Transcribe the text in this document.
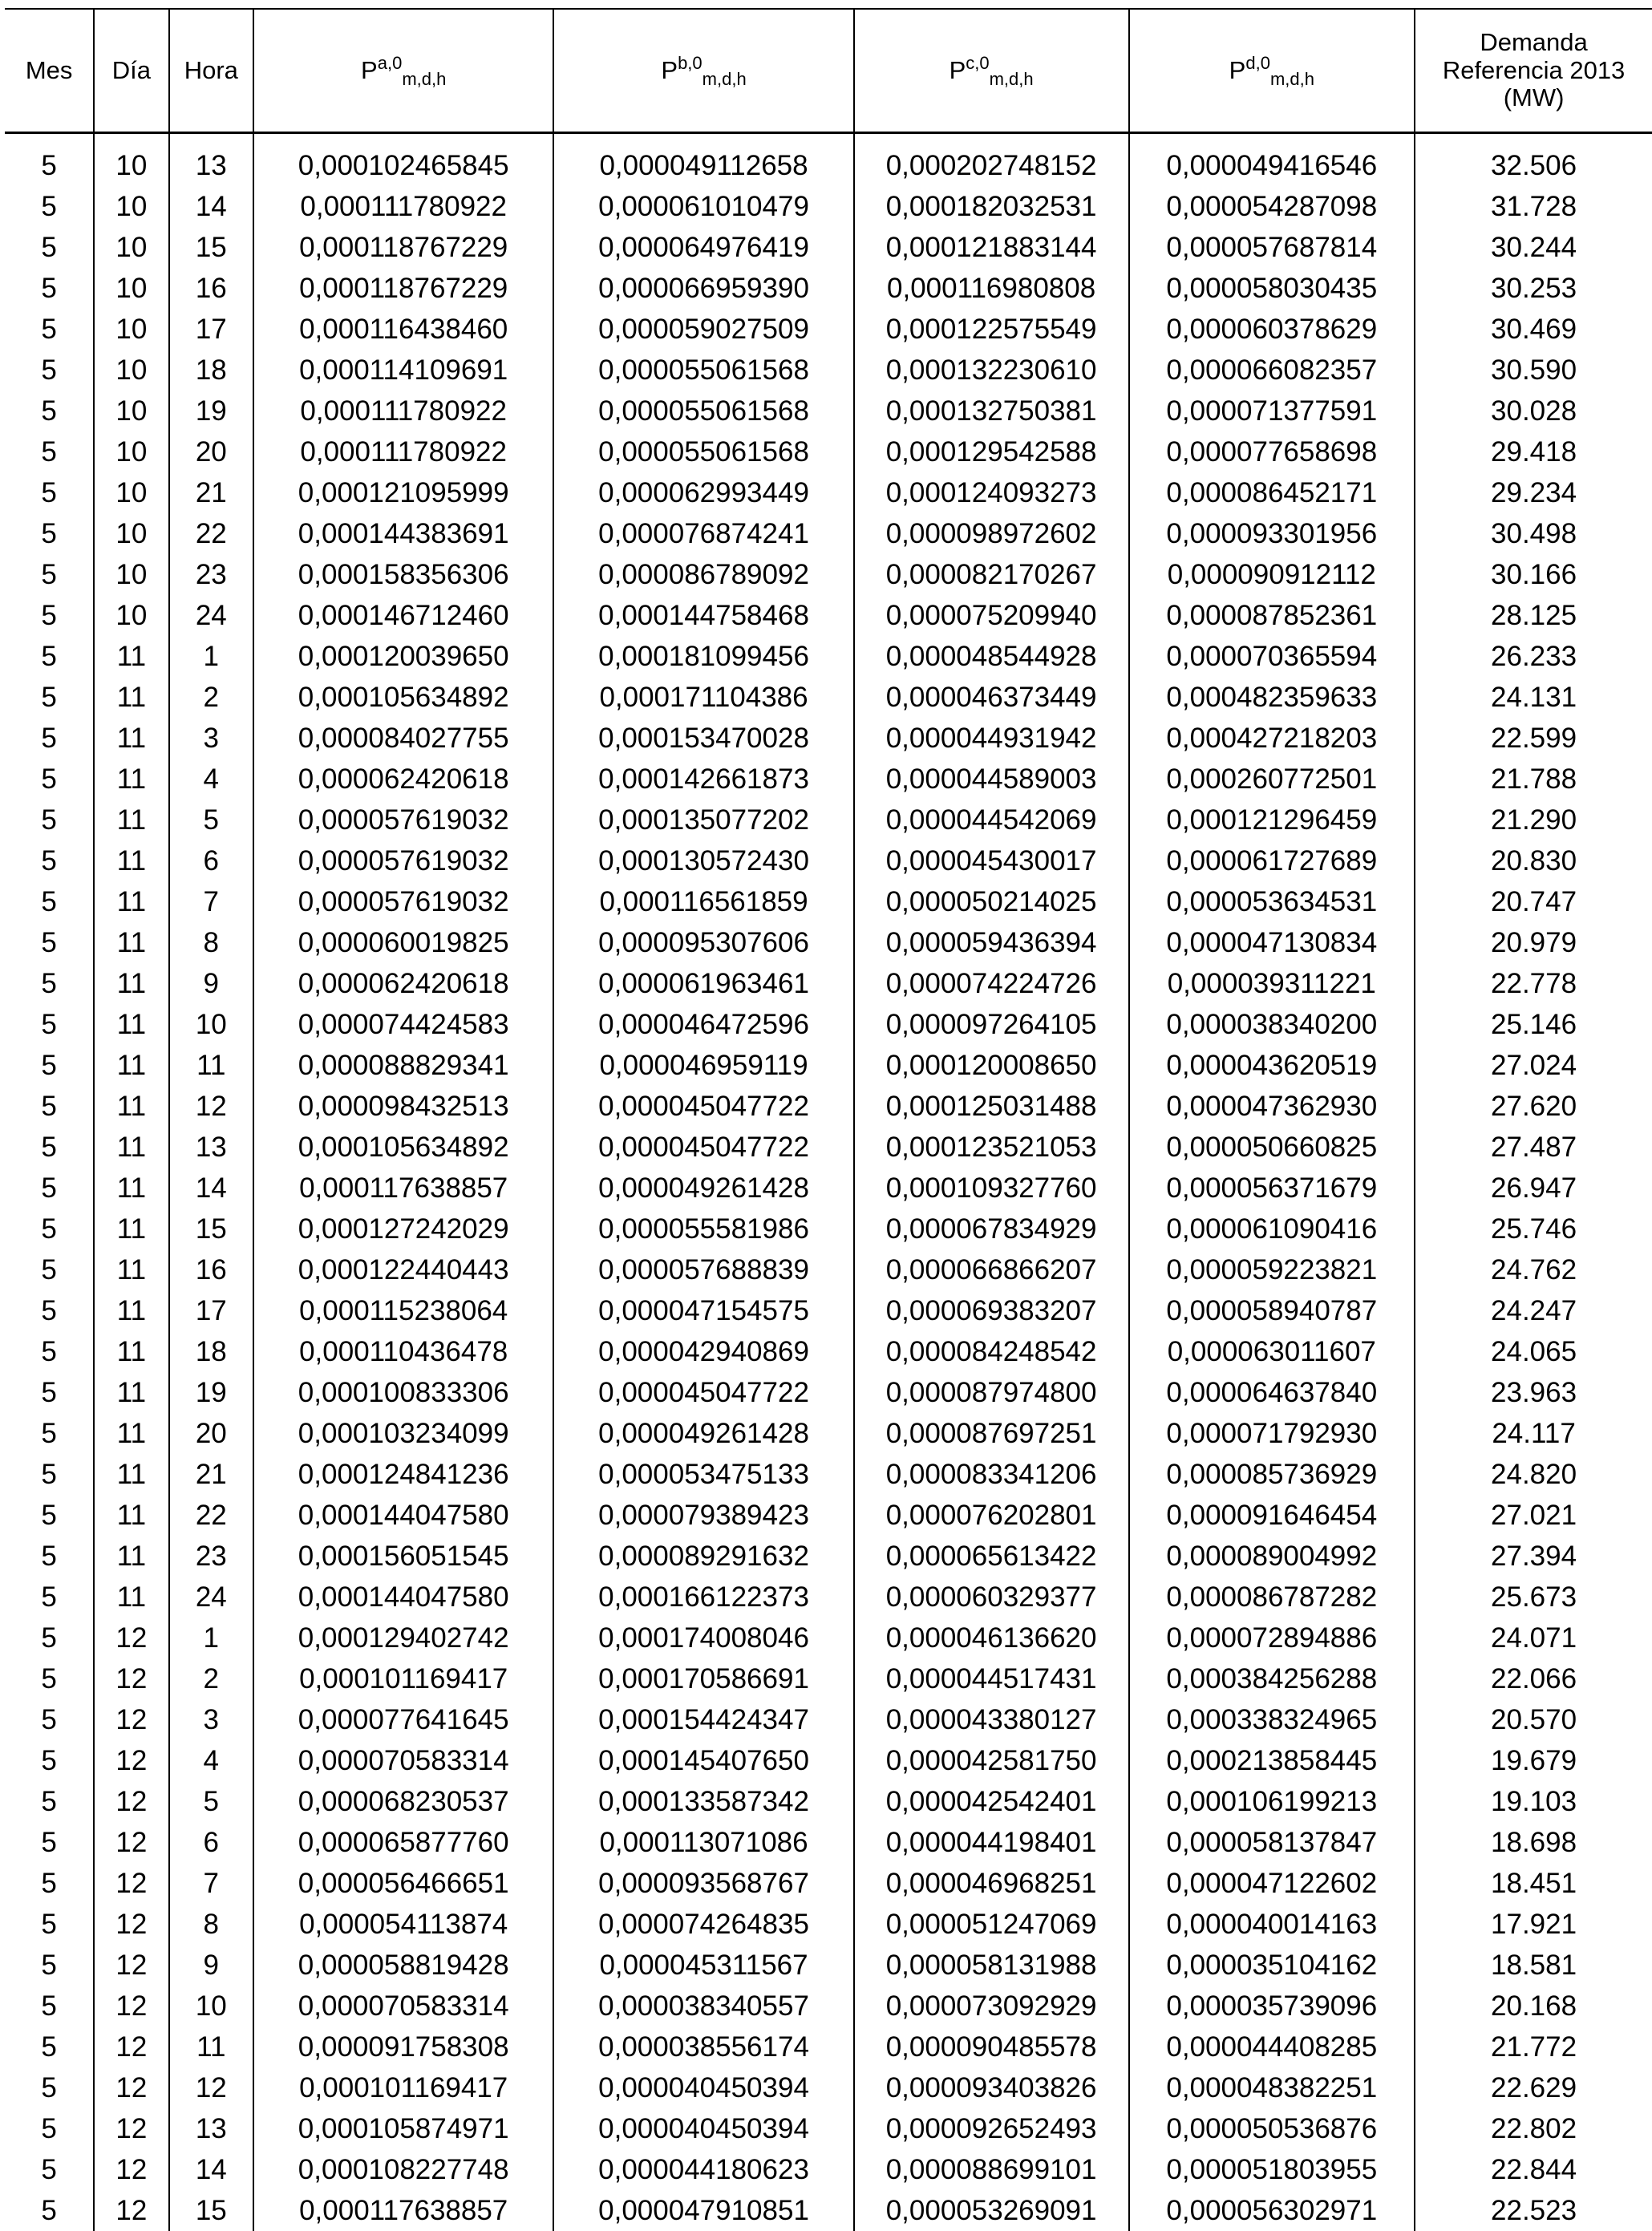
Mes	Día	Hora	P$^{a,0}_{m,d,h}$	P$^{b,0}_{m,d,h}$	P$^{c,0}_{m,d,h}$	P$^{d,0}_{m,d,h}$	Demanda
Referencia 2013
(MW)
5	10	13	0,000102465845	0,000049112658	0,000202748152	0,000049416546	32.506
5	10	14	0,000111780922	0,000061010479	0,000182032531	0,000054287098	31.728
5	10	15	0,000118767229	0,000064976419	0,000121883144	0,000057687814	30.244
5	10	16	0,000118767229	0,000066959390	0,000116980808	0,000058030435	30.253
5	10	17	0,000116438460	0,000059027509	0,000122575549	0,000060378629	30.469
5	10	18	0,000114109691	0,000055061568	0,000132230610	0,000066082357	30.590
5	10	19	0,000111780922	0,000055061568	0,000132750381	0,000071377591	30.028
5	10	20	0,000111780922	0,000055061568	0,000129542588	0,000077658698	29.418
5	10	21	0,000121095999	0,000062993449	0,000124093273	0,000086452171	29.234
5	10	22	0,000144383691	0,000076874241	0,000098972602	0,000093301956	30.498
5	10	23	0,000158356306	0,000086789092	0,000082170267	0,000090912112	30.166
5	10	24	0,000146712460	0,000144758468	0,000075209940	0,000087852361	28.125
5	11	1	0,000120039650	0,000181099456	0,000048544928	0,000070365594	26.233
5	11	2	0,000105634892	0,000171104386	0,000046373449	0,000482359633	24.131
5	11	3	0,000084027755	0,000153470028	0,000044931942	0,000427218203	22.599
5	11	4	0,000062420618	0,000142661873	0,000044589003	0,000260772501	21.788
5	11	5	0,000057619032	0,000135077202	0,000044542069	0,000121296459	21.290
5	11	6	0,000057619032	0,000130572430	0,000045430017	0,000061727689	20.830
5	11	7	0,000057619032	0,000116561859	0,000050214025	0,000053634531	20.747
5	11	8	0,000060019825	0,000095307606	0,000059436394	0,000047130834	20.979
5	11	9	0,000062420618	0,000061963461	0,000074224726	0,000039311221	22.778
5	11	10	0,000074424583	0,000046472596	0,000097264105	0,000038340200	25.146
5	11	11	0,000088829341	0,000046959119	0,000120008650	0,000043620519	27.024
5	11	12	0,000098432513	0,000045047722	0,000125031488	0,000047362930	27.620
5	11	13	0,000105634892	0,000045047722	0,000123521053	0,000050660825	27.487
5	11	14	0,000117638857	0,000049261428	0,000109327760	0,000056371679	26.947
5	11	15	0,000127242029	0,000055581986	0,000067834929	0,000061090416	25.746
5	11	16	0,000122440443	0,000057688839	0,000066866207	0,000059223821	24.762
5	11	17	0,000115238064	0,000047154575	0,000069383207	0,000058940787	24.247
5	11	18	0,000110436478	0,000042940869	0,000084248542	0,000063011607	24.065
5	11	19	0,000100833306	0,000045047722	0,000087974800	0,000064637840	23.963
5	11	20	0,000103234099	0,000049261428	0,000087697251	0,000071792930	24.117
5	11	21	0,000124841236	0,000053475133	0,000083341206	0,000085736929	24.820
5	11	22	0,000144047580	0,000079389423	0,000076202801	0,000091646454	27.021
5	11	23	0,000156051545	0,000089291632	0,000065613422	0,000089004992	27.394
5	11	24	0,000144047580	0,000166122373	0,000060329377	0,000086787282	25.673
5	12	1	0,000129402742	0,000174008046	0,000046136620	0,000072894886	24.071
5	12	2	0,000101169417	0,000170586691	0,000044517431	0,000384256288	22.066
5	12	3	0,000077641645	0,000154424347	0,000043380127	0,000338324965	20.570
5	12	4	0,000070583314	0,000145407650	0,000042581750	0,000213858445	19.679
5	12	5	0,000068230537	0,000133587342	0,000042542401	0,000106199213	19.103
5	12	6	0,000065877760	0,000113071086	0,000044198401	0,000058137847	18.698
5	12	7	0,000056466651	0,000093568767	0,000046968251	0,000047122602	18.451
5	12	8	0,000054113874	0,000074264835	0,000051247069	0,000040014163	17.921
5	12	9	0,000058819428	0,000045311567	0,000058131988	0,000035104162	18.581
5	12	10	0,000070583314	0,000038340557	0,000073092929	0,000035739096	20.168
5	12	11	0,000091758308	0,000038556174	0,000090485578	0,000044408285	21.772
5	12	12	0,000101169417	0,000040450394	0,000093403826	0,000048382251	22.629
5	12	13	0,000105874971	0,000040450394	0,000092652493	0,000050536876	22.802
5	12	14	0,000108227748	0,000044180623	0,000088699101	0,000051803955	22.844
5	12	15	0,000117638857	0,000047910851	0,000053269091	0,000056302971	22.523
